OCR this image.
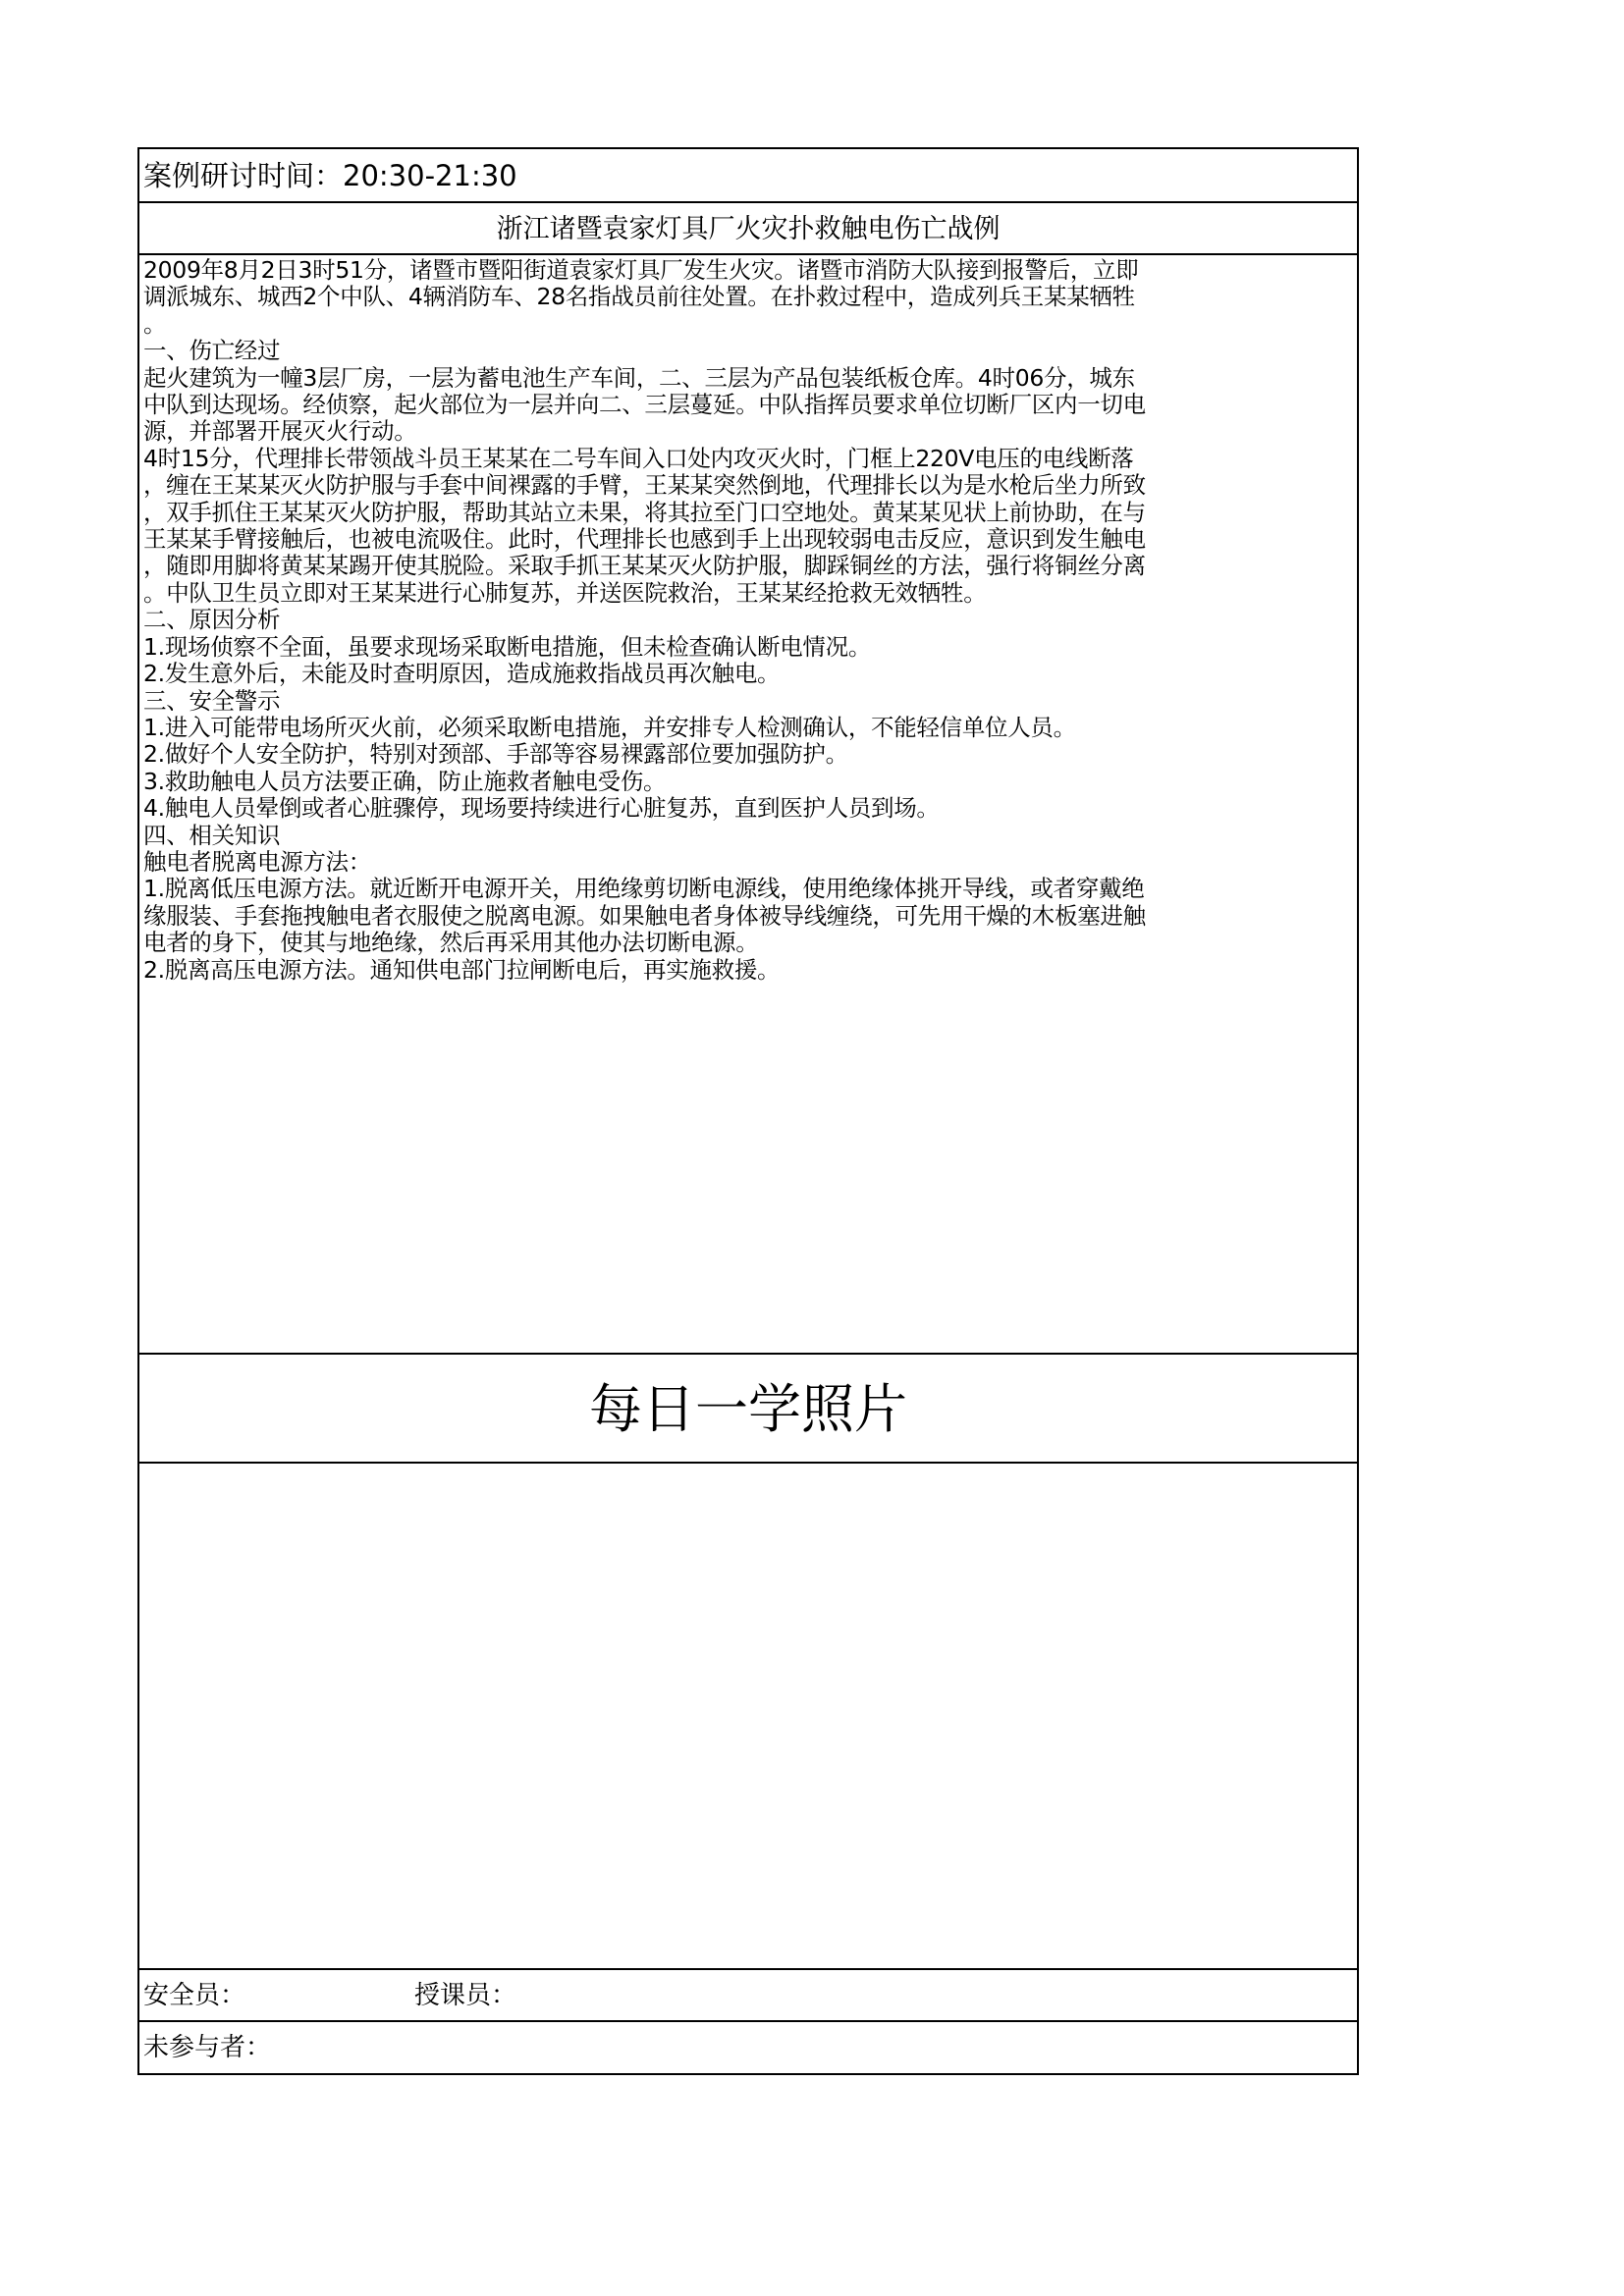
案例研讨时间：20:30-21:30
浙江诸暨袁家灯具厂火灾扑救触电伤亡战例
2009年8月2日3时51分，诸暨市暨阳街道袁家灯具厂发生火灾。诸暨市消防大队接到报警后，立即
调派城东、城西2个中队、4辆消防车、28名指战员前往处置。在扑救过程中，造成列兵王某某牺牲
。
一、伤亡经过
起火建筑为一幢3层厂房，一层为蓄电池生产车间，二、三层为产品包装纸板仓库。4时06分，城东
中队到达现场。经侦察，起火部位为一层并向二、三层蔓延。中队指挥员要求单位切断厂区内一切电
源，并部署开展灭火行动。
4时15分，代理排长带领战斗员王某某在二号车间入口处内攻灭火时，门框上220V电压的电线断落
，缠在王某某灭火防护服与手套中间裸露的手臂，王某某突然倒地，代理排长以为是水枪后坐力所致
，双手抓住王某某灭火防护服，帮助其站立未果，将其拉至门口空地处。黄某某见状上前协助，在与
王某某手臂接触后，也被电流吸住。此时，代理排长也感到手上出现较弱电击反应，意识到发生触电
，随即用脚将黄某某踢开使其脱险。采取手抓王某某灭火防护服，脚踩铜丝的方法，强行将铜丝分离
。中队卫生员立即对王某某进行心肺复苏，并送医院救治，王某某经抢救无效牺牲。
二、原因分析
1.现场侦察不全面，虽要求现场采取断电措施，但未检查确认断电情况。
2.发生意外后，未能及时查明原因，造成施救指战员再次触电。
三、安全警示
1.进入可能带电场所灭火前，必须采取断电措施，并安排专人检测确认，不能轻信单位人员。
2.做好个人安全防护，特别对颈部、手部等容易裸露部位要加强防护。
3.救助触电人员方法要正确，防止施救者触电受伤。
4.触电人员晕倒或者心脏骤停，现场要持续进行心脏复苏，直到医护人员到场。
四、相关知识
触电者脱离电源方法：
1.脱离低压电源方法。就近断开电源开关，用绝缘剪切断电源线，使用绝缘体挑开导线，或者穿戴绝
缘服装、手套拖拽触电者衣服使之脱离电源。如果触电者身体被导线缠绕，可先用干燥的木板塞进触
电者的身下，使其与地绝缘，然后再采用其他办法切断电源。
2.脱离高压电源方法。通知供电部门拉闸断电后，再实施救援。
每日一学照片
安全员：	授课员：
未参与者：
